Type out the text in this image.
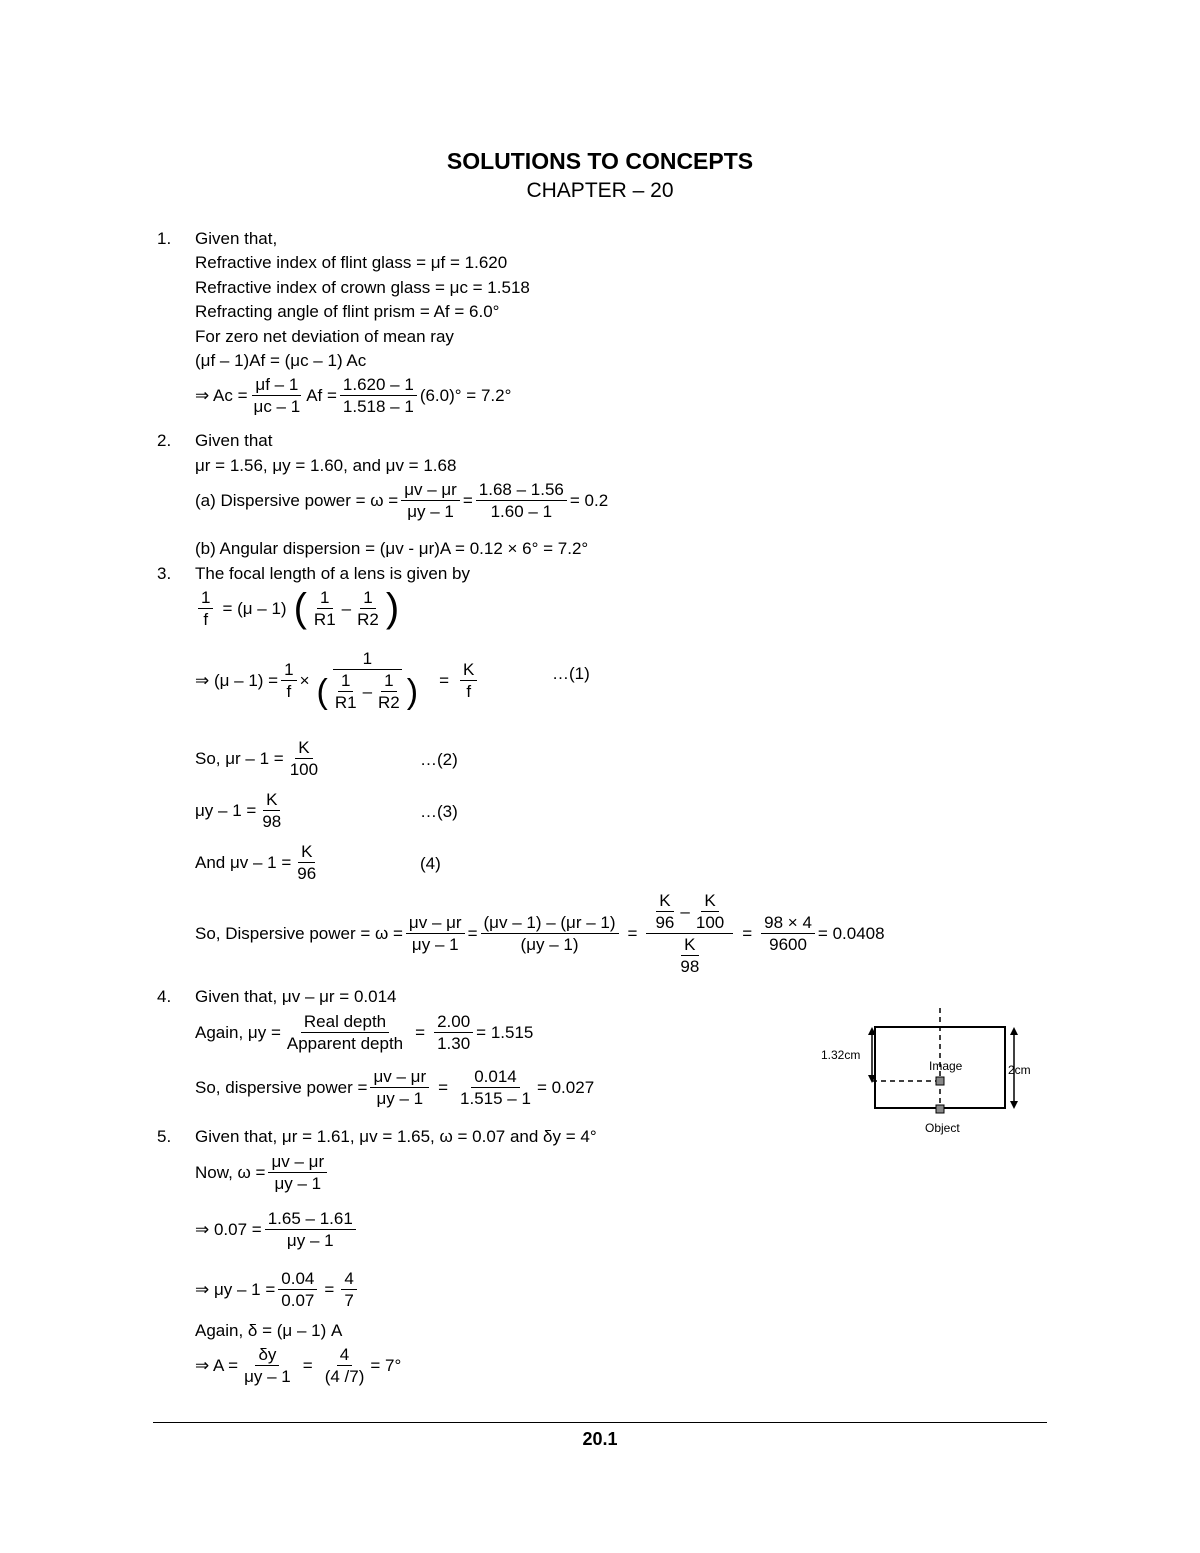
SOLUTIONS TO CONCEPTS
CHAPTER – 20
1. Given that,
Refractive index of flint glass = μf = 1.620
Refractive index of crown glass = μc = 1.518
Refracting angle of flint prism = Af = 6.0°
For zero net deviation of mean ray
(μf – 1)Af = (μc – 1) Ac
⇒ $Ac = \frac{\mu f - 1}{\mu c - 1}$ $Af = \frac{1.620 - 1}{1.518 - 1} (6.0)^\circ = 7.2^\circ$
2. Given that
μr = 1.56, μy = 1.60, and μv = 1.68
(a) Dispersive power = $\omega = \frac{\mu v - \mu r}{\mu y - 1} = \frac{1.68 - 1.56}{1.60 - 1} = 0.2$
(b) Angular dispersion = (μv - μr)A = 0.12 × 6° = 7.2°
3. The focal length of a lens is given by
$\frac{1}{f} = (\mu - 1)$ ( $\frac{1}{R1} - \frac{1}{R2}$ )
⇒ $(\mu - 1) = \frac{1}{f} \times \frac{1}{( \frac{1}{R1} - \frac{1}{R2} )} = \frac{K}{f}$	…(1)
So, $\mu r - 1 = \frac{K}{100}$	…(2)
$\mu y - 1 = \frac{K}{98}$	…(3)
And $\mu v - 1 = \frac{K}{96}$	(4)
So, Dispersive power = $\omega = \frac{\mu v - \mu r}{\mu y - 1} = \frac{(\mu v - 1) - (\mu r - 1)}{(\mu y - 1)} = \frac{\frac{K}{96} - \frac{K}{100}}{\frac{K}{98}} = \frac{98 \times 4}{9600} = 0.0408$
4. Given that, μv – μr = 0.014
Again, $\mu y = \frac{\text{Real depth}}{\text{Apparent depth}} = \frac{2.00}{1.30} = 1.515$
So, dispersive power = $\frac{\mu v - \mu r}{\mu y - 1} = \frac{0.014}{1.515 - 1} = 0.027$
1.32cm
Image	2cm
Object
5. Given that, μr = 1.61, μv = 1.65, ω = 0.07 and δy = 4°
Now, $\omega = \frac{\mu v - \mu r}{\mu y - 1}$
⇒ $0.07 = \frac{1.65 - 1.61}{\mu y - 1}$
⇒ $\mu y - 1 = \frac{0.04}{0.07} = \frac{4}{7}$
Again, δ = (μ – 1) A
⇒ $A = \frac{\delta y}{\mu y - 1} = \frac{4}{(4 /7)} = 7^\circ$
20.1
